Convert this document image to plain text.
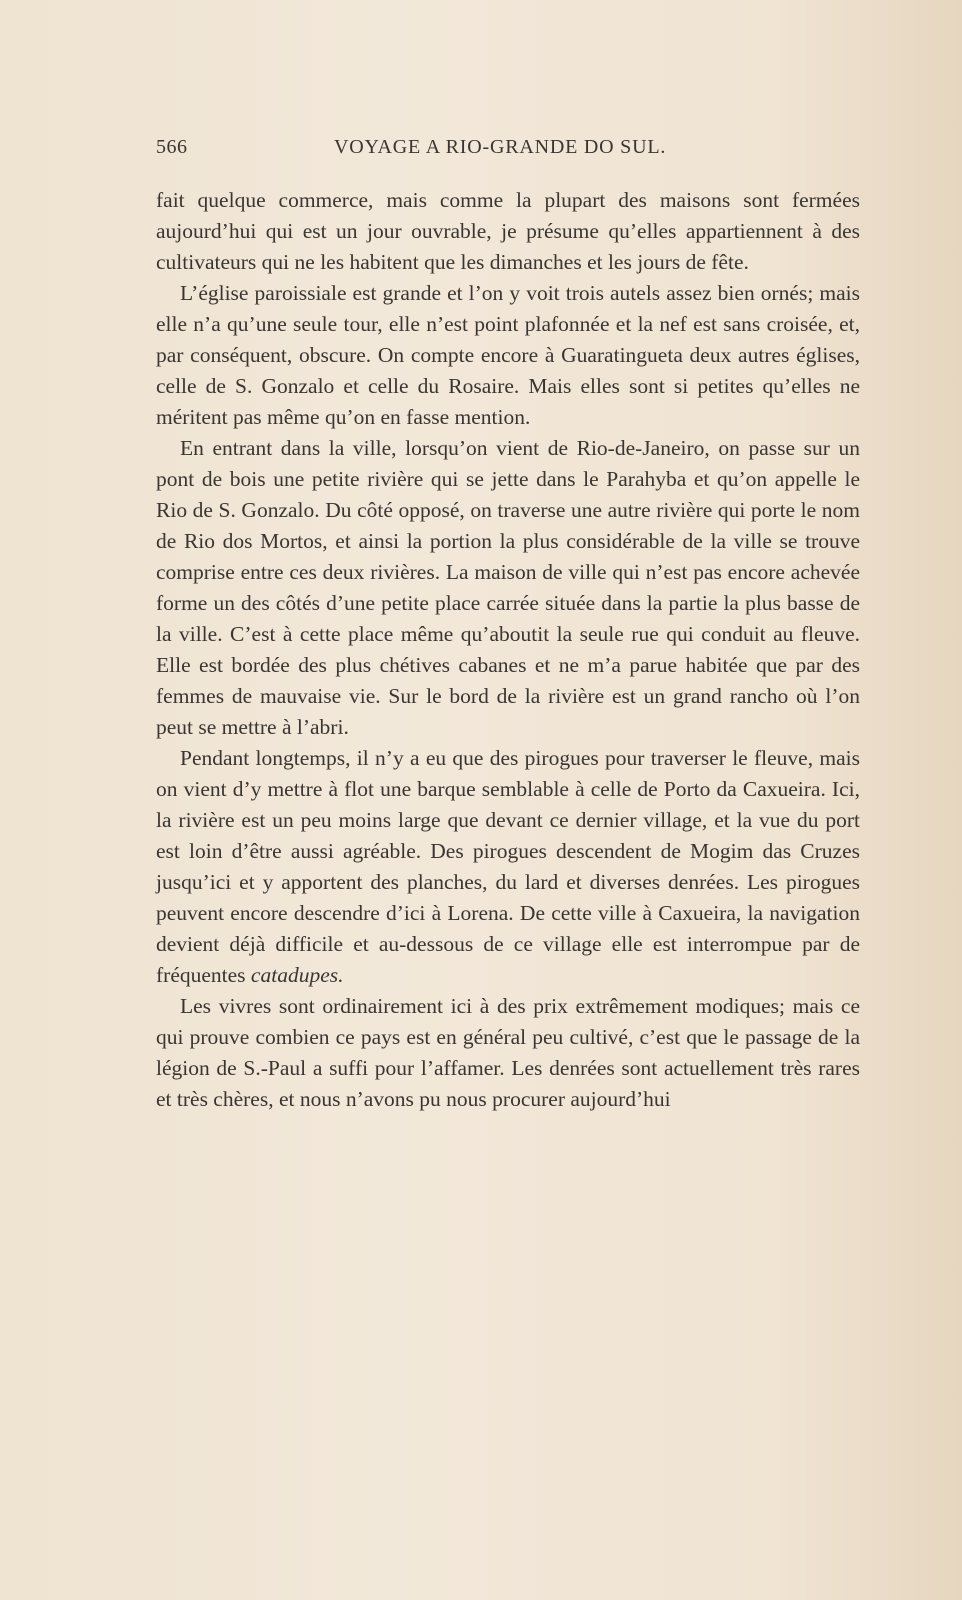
566	VOYAGE A RIO-GRANDE DO SUL.

fait quelque commerce, mais comme la plupart des maisons sont fermées aujourd’hui qui est un jour ouvrable, je présume qu’elles appartiennent à des cultivateurs qui ne les habitent que les dimanches et les jours de fête.

L’église paroissiale est grande et l’on y voit trois autels assez bien ornés; mais elle n’a qu’une seule tour, elle n’est point plafonnée et la nef est sans croisée, et, par conséquent, obscure. On compte encore à Guaratingueta deux autres églises, celle de S. Gonzalo et celle du Rosaire. Mais elles sont si petites qu’elles ne méritent pas même qu’on en fasse mention.

En entrant dans la ville, lorsqu’on vient de Rio-de-Janeiro, on passe sur un pont de bois une petite rivière qui se jette dans le Parahyba et qu’on appelle le Rio de S. Gonzalo. Du côté opposé, on traverse une autre rivière qui porte le nom de Rio dos Mortos, et ainsi la portion la plus considérable de la ville se trouve comprise entre ces deux rivières. La maison de ville qui n’est pas encore achevée forme un des côtés d’une petite place carrée située dans la partie la plus basse de la ville. C’est à cette place même qu’aboutit la seule rue qui conduit au fleuve. Elle est bordée des plus chétives cabanes et ne m’a parue habitée que par des femmes de mauvaise vie. Sur le bord de la rivière est un grand rancho où l’on peut se mettre à l’abri.

Pendant longtemps, il n’y a eu que des pirogues pour traverser le fleuve, mais on vient d’y mettre à flot une barque semblable à celle de Porto da Caxueira. Ici, la rivière est un peu moins large que devant ce dernier village, et la vue du port est loin d’être aussi agréable. Des pirogues descendent de Mogim das Cruzes jusqu’ici et y apportent des planches, du lard et diverses denrées. Les pirogues peuvent encore descendre d’ici à Lorena. De cette ville à Caxueira, la navigation devient déjà difficile et au-dessous de ce village elle est interrompue par de fréquentes catadupes.

Les vivres sont ordinairement ici à des prix extrêmement modiques; mais ce qui prouve combien ce pays est en général peu cultivé, c’est que le passage de la légion de S.-Paul a suffi pour l’affamer. Les denrées sont actuellement très rares et très chères, et nous n’avons pu nous procurer aujourd’hui
